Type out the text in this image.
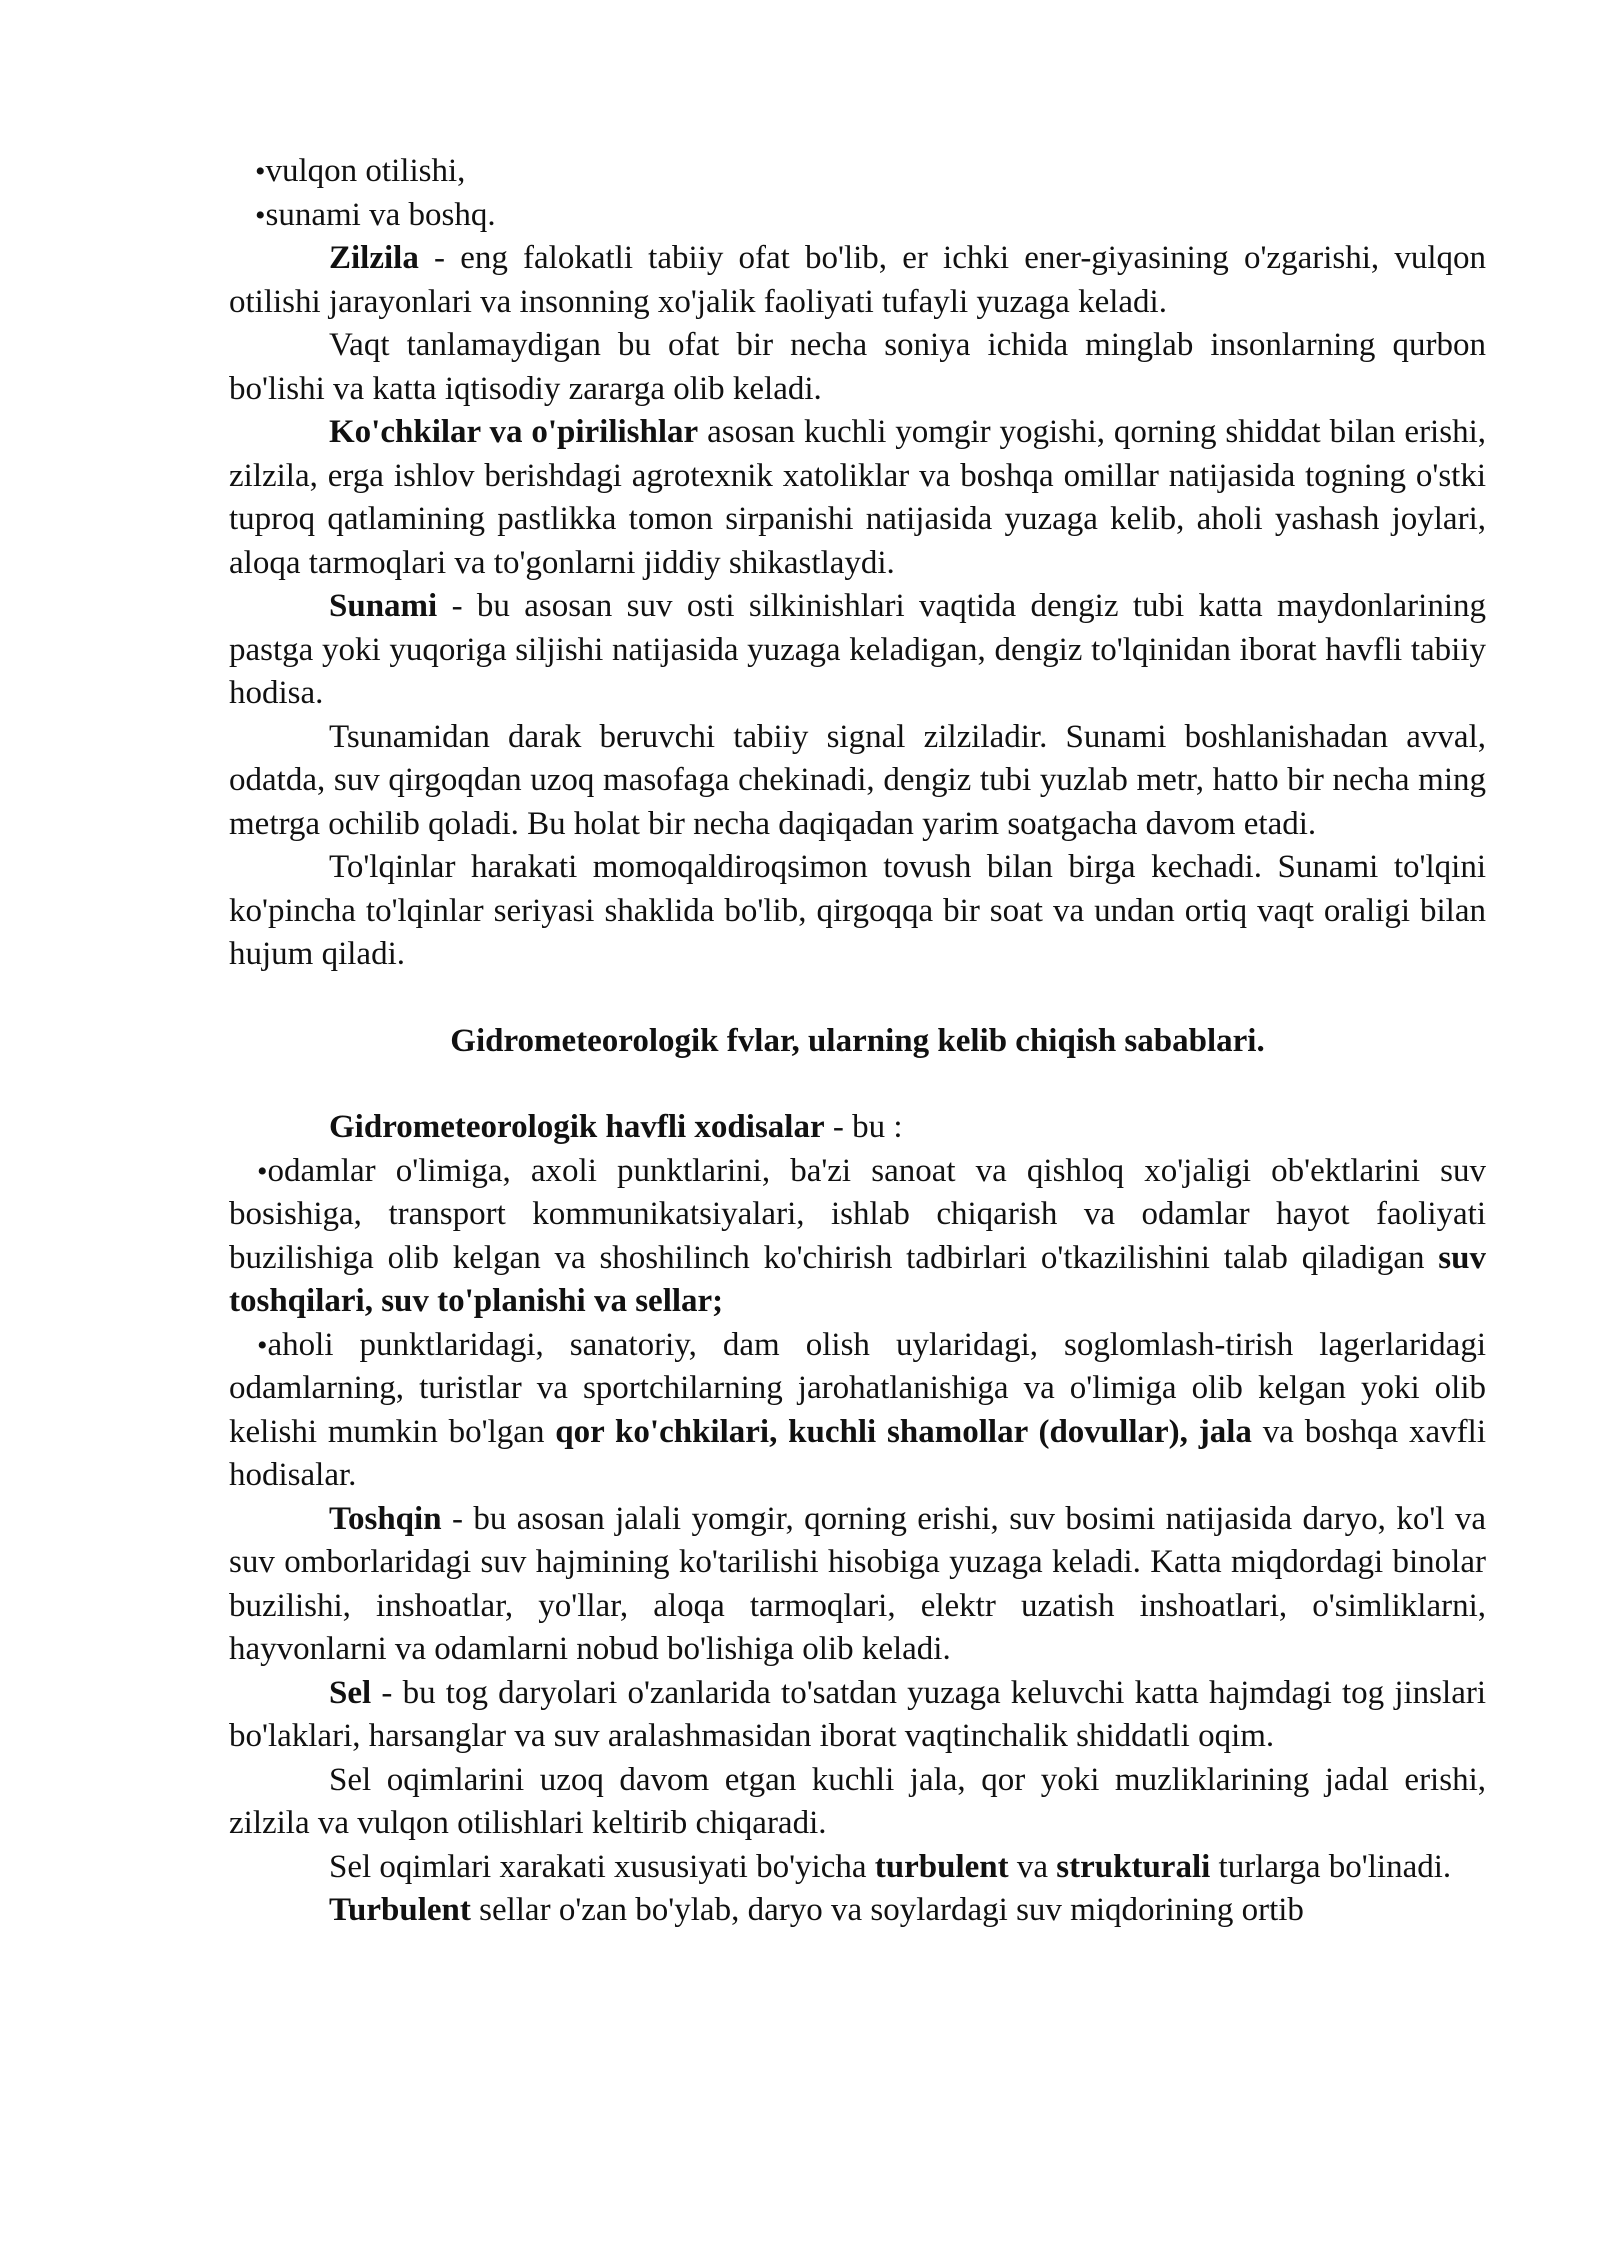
•vulqon otilishi,

•sunami va boshq.

Zilzila - eng falokatli tabiiy ofat bo'lib, er ichki ener-giyasining o'zgarishi, vulqon otilishi jarayonlari va insonning xo'jalik faoliyati tufayli yuzaga keladi.

Vaqt tanlamaydigan bu ofat bir necha soniya ichida minglab insonlarning qurbon bo'lishi va katta iqtisodiy zararga olib keladi.

Ko'chkilar va o'pirilishlar asosan kuchli yomgir yogishi, qorning shiddat bilan erishi, zilzila, erga ishlov berishdagi agrotexnik xatoliklar va boshqa omillar natijasida togning o'stki tuproq qatlamining pastlikka tomon sirpanishi natijasida yuzaga kelib, aholi yashash joylari, aloqa tarmoqlari va to'gonlarni jiddiy shikastlaydi.

Sunami - bu asosan suv osti silkinishlari vaqtida dengiz tubi katta maydonlarining pastga yoki yuqoriga siljishi natijasida yuzaga keladigan, dengiz to'lqinidan iborat havfli tabiiy hodisa.

Tsunamidan darak beruvchi tabiiy signal zilziladir. Sunami boshlanishadan avval, odatda, suv qirgoqdan uzoq masofaga chekinadi, dengiz tubi yuzlab metr, hatto bir necha ming metrga ochilib qoladi. Bu holat bir necha daqiqadan yarim soatgacha davom etadi.

To'lqinlar harakati momoqaldiroqsimon tovush bilan birga kechadi. Sunami to'lqini ko'pincha to'lqinlar seriyasi shaklida bo'lib, qirgoqqa bir soat va undan ortiq vaqt oraligi bilan hujum qiladi.

Gidrometeorologik fvlar, ularning kelib chiqish sabablari.

Gidrometeorologik havfli xodisalar - bu :

•odamlar o'limiga, axoli punktlarini, ba'zi sanoat va qishloq xo'jaligi ob'ektlarini suv bosishiga, transport kommunikatsiyalari, ishlab chiqarish va odamlar hayot faoliyati buzilishiga olib kelgan va shoshilinch ko'chirish tadbirlari o'tkazilishini talab qiladigan suv toshqilari, suv to'planishi va sellar;

•aholi punktlaridagi, sanatoriy, dam olish uylaridagi, soglomlash-tirish lagerlaridagi odamlarning, turistlar va sportchilarning jarohatlanishiga va o'limiga olib kelgan yoki olib kelishi mumkin bo'lgan qor ko'chkilari, kuchli shamollar (dovullar), jala va boshqa xavfli hodisalar.

Toshqin - bu asosan jalali yomgir, qorning erishi, suv bosimi natijasida daryo, ko'l va suv omborlaridagi suv hajmining ko'tarilishi hisobiga yuzaga keladi. Katta miqdordagi binolar buzilishi, inshoatlar, yo'llar, aloqa tarmoqlari, elektr uzatish inshoatlari, o'simliklarni, hayvonlarni va odamlarni nobud bo'lishiga olib keladi.

Sel - bu tog daryolari o'zanlarida to'satdan yuzaga keluvchi katta hajmdagi tog jinslari bo'laklari, harsanglar va suv aralashmasidan iborat vaqtinchalik shiddatli oqim.

Sel oqimlarini uzoq davom etgan kuchli jala, qor yoki muzliklarining jadal erishi, zilzila va vulqon otilishlari keltirib chiqaradi.

Sel oqimlari xarakati xususiyati bo'yicha turbulent va strukturali turlarga bo'linadi.

Turbulent sellar o'zan bo'ylab, daryo va soylardagi suv miqdorining ortib
